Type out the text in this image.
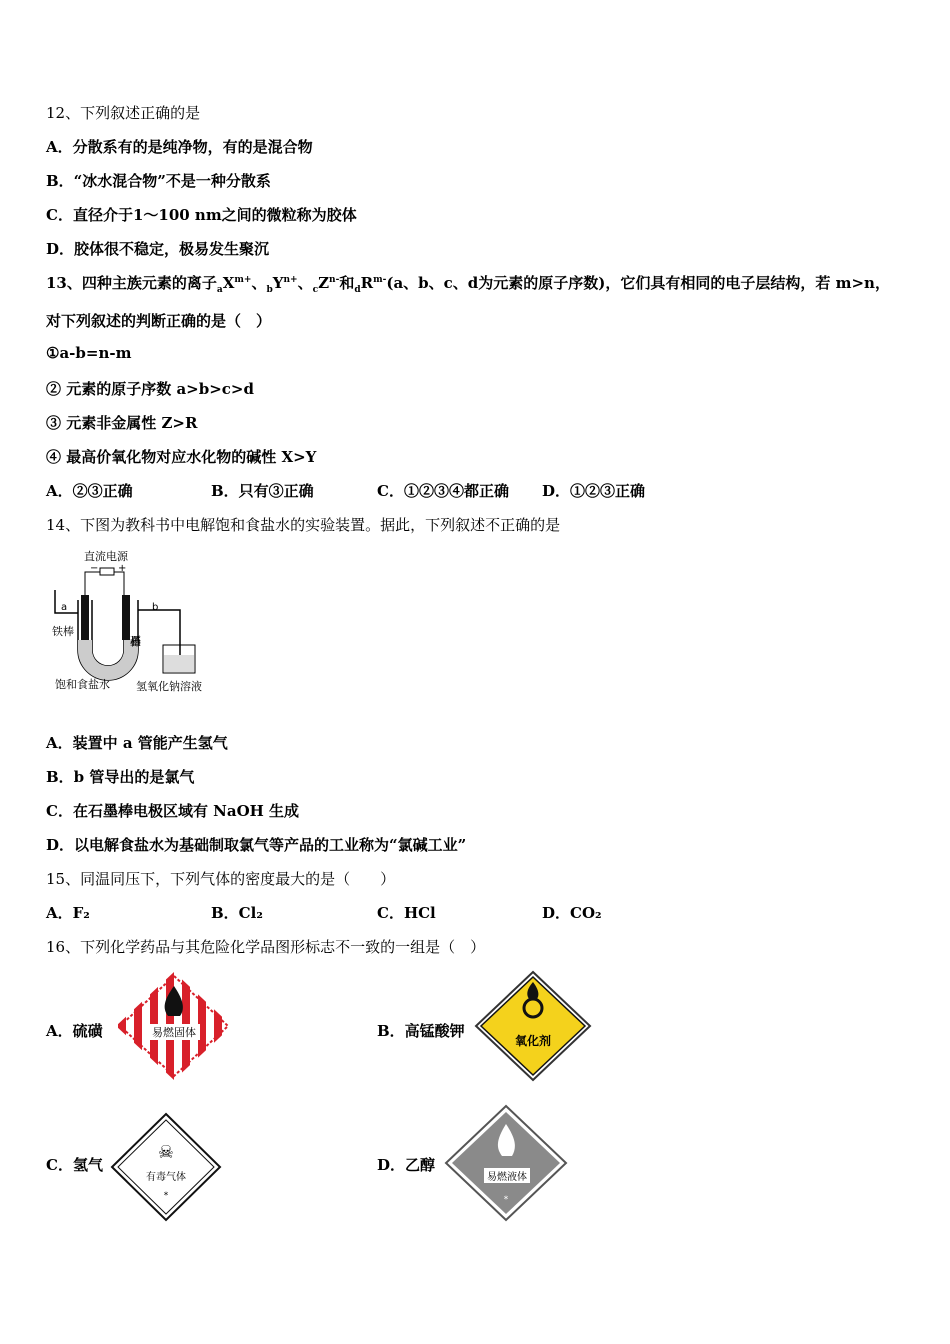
12、下列叙述正确的是
A．分散系有的是纯净物，有的是混合物
B．“冰水混合物”不是一种分散系
C．直径介于1～100 nm之间的微粒称为胶体
D．胶体很不稳定，极易发生聚沉
13、四种主族元素的离子$_aX^{m+}$、$_bY^{n+}$、$_cZ^{n-}$和$_dR^{m-}(a$、b、c、d为元素的原子序数)，它们具有相同的电子层结构，若 m>n，
对下列叙述的判断正确的是（　）
①a-b=n-m
② 元素的原子序数 a>b>c>d
③ 元素非金属性 Z>R
④ 最高价氧化物对应水化物的碱性 X>Y
A．②③正确	B．只有③正确	C．①②③④都正确 D．①②③正确
14、下图为教科书中电解饱和食盐水的实验装置。据此，下列叙述不正确的是
直流电源
− +
a	b
铁棒
石墨棒
饱和食盐水 氢氧化钠溶液
A．装置中 a 管能产生氢气
B．b 管导出的是氯气
C．在石墨棒电极区域有 NaOH 生成
D．以电解食盐水为基础制取氯气等产品的工业称为“氯碱工业”
15、同温同压下，下列气体的密度最大的是（　　）
A．F₂	B．Cl₂	C．HCl	D．CO₂
16、下列化学药品与其危险化学品图形标志不一致的一组是（　）
A．硫磺	B．高锰酸钾
C．氢气	D．乙醇
易燃固体
氧化剂
☠
有毒气体
*
易燃液体
*
